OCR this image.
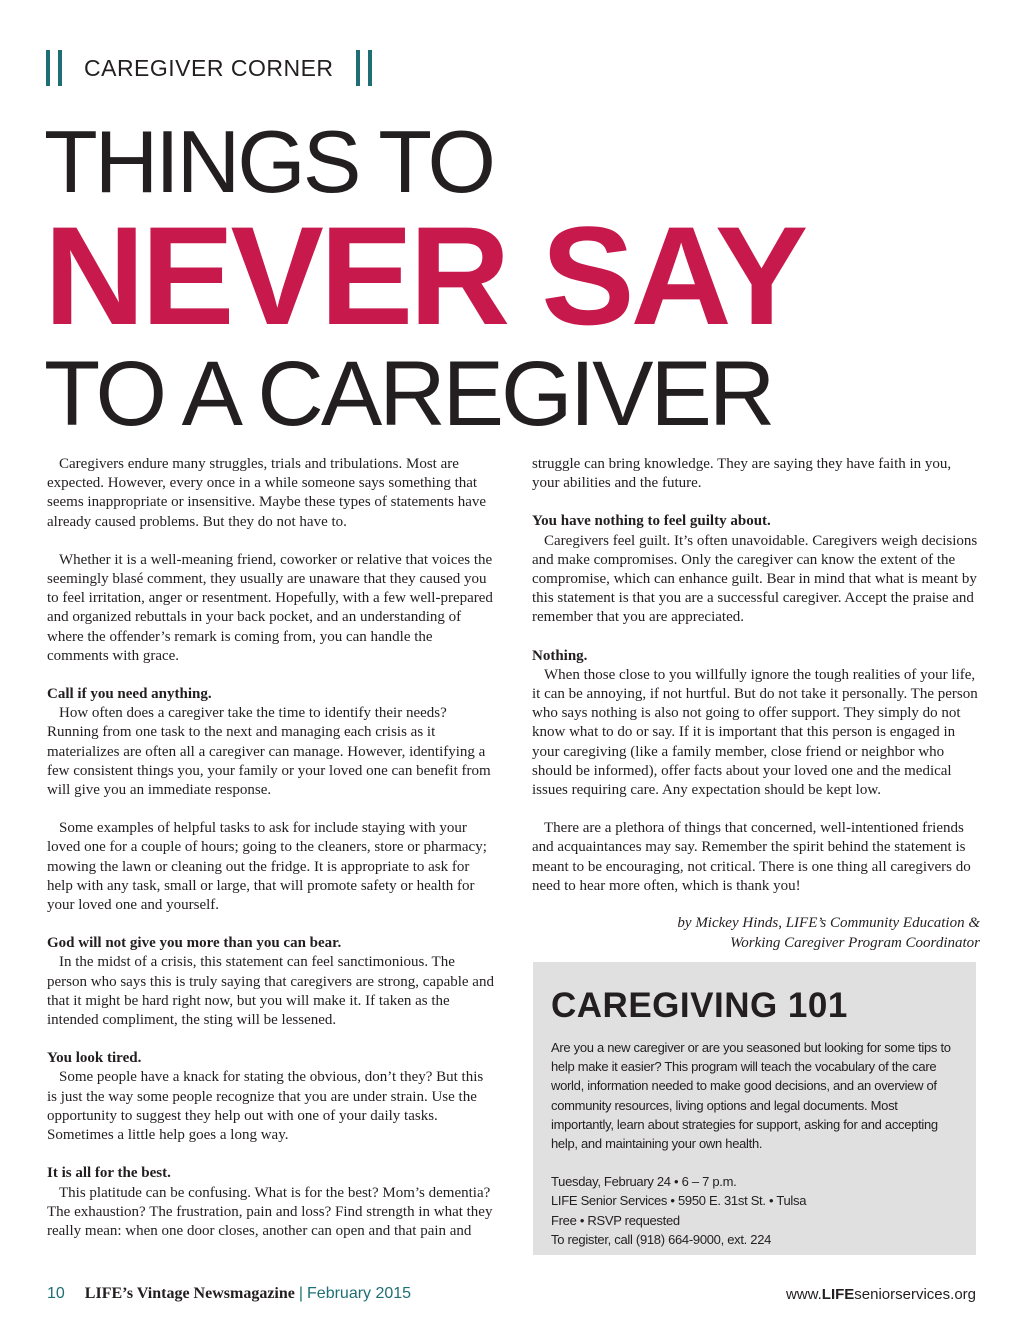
CAREGIVER CORNER
THINGS TO
NEVER SAY
TO A CAREGIVER

Caregivers endure many struggles, trials and tribulations. Most are expected. However, every once in a while someone says something that seems inappropriate or insensitive. Maybe these types of statements have already caused problems. But they do not have to.

Whether it is a well-meaning friend, coworker or relative that voices the seemingly blasé comment, they usually are unaware that they caused you to feel irritation, anger or resentment. Hopefully, with a few well-prepared and organized rebuttals in your back pocket, and an understanding of where the offender’s remark is coming from, you can handle the comments with grace.

Call if you need anything.

How often does a caregiver take the time to identify their needs? Running from one task to the next and managing each crisis as it materializes are often all a caregiver can manage. However, identifying a few consistent things you, your family or your loved one can benefit from will give you an immediate response.

Some examples of helpful tasks to ask for include staying with your loved one for a couple of hours; going to the cleaners, store or pharmacy; mowing the lawn or cleaning out the fridge. It is appropriate to ask for help with any task, small or large, that will promote safety or health for your loved one and yourself.

God will not give you more than you can bear.

In the midst of a crisis, this statement can feel sanctimonious. The person who says this is truly saying that caregivers are strong, capable and that it might be hard right now, but you will make it. If taken as the intended compliment, the sting will be lessened.

You look tired.

Some people have a knack for stating the obvious, don’t they? But this is just the way some people recognize that you are under strain. Use the opportunity to suggest they help out with one of your daily tasks. Sometimes a little help goes a long way.

It is all for the best.

This platitude can be confusing. What is for the best? Mom’s dementia? The exhaustion? The frustration, pain and loss? Find strength in what they really mean: when one door closes, another can open and that pain and

struggle can bring knowledge. They are saying they have faith in you, your abilities and the future.

You have nothing to feel guilty about.

Caregivers feel guilt. It’s often unavoidable. Caregivers weigh decisions and make compromises. Only the caregiver can know the extent of the compromise, which can enhance guilt. Bear in mind that what is meant by this statement is that you are a successful caregiver. Accept the praise and remember that you are appreciated.

Nothing.

When those close to you willfully ignore the tough realities of your life, it can be annoying, if not hurtful. But do not take it personally. The person who says nothing is also not going to offer support. They simply do not know what to do or say. If it is important that this person is engaged in your caregiving (like a family member, close friend or neighbor who should be informed), offer facts about your loved one and the medical issues requiring care. Any expectation should be kept low.

There are a plethora of things that concerned, well-intentioned friends and acquaintances may say. Remember the spirit behind the statement is meant to be encouraging, not critical. There is one thing all caregivers do need to hear more often, which is thank you!

by Mickey Hinds, LIFE’s Community Education &
Working Caregiver Program Coordinator
CAREGIVING 101
Are you a new caregiver or are you seasoned but looking for some tips to help make it easier? This program will teach the vocabulary of the care world, information needed to make good decisions, and an overview of community resources, living options and legal documents. Most importantly, learn about strategies for support, asking for and accepting help, and maintaining your own health.
Tuesday, February 24 • 6 – 7 p.m.
LIFE Senior Services • 5950 E. 31st St. • Tulsa
Free • RSVP requested
To register, call (918) 664-9000, ext. 224
10 LIFE’s Vintage Newsmagazine | February 2015	www.LIFEseniorservices.org
